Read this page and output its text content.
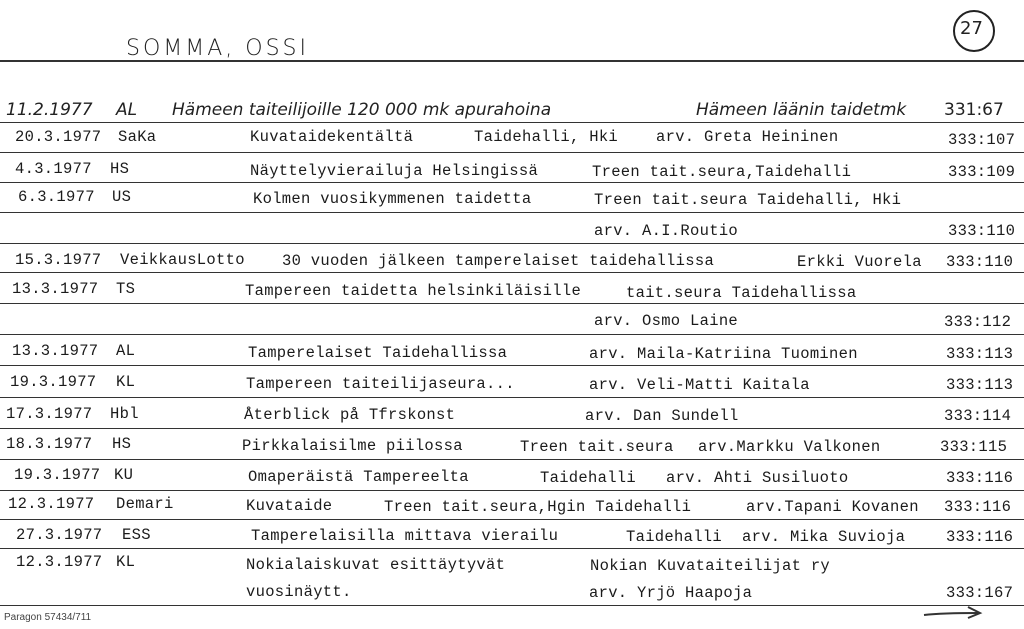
SOMMA, OSSI
27
11.2.1977 AL Hämeen taiteilijoille 120 000 mk apurahoina	Hämeen läänin taidetmk 331:67
20.3.1977 SaKa	Kuvataidekentältä	Taidehalli, Hki arv. Greta Heininen	333:107
4.3.1977 HS	Näyttelyvierailuja Helsingissä	Treen tait.seura,Taidehalli	333:109
6.3.1977 US	Kolmen vuosikymmenen taidetta	Treen tait.seura Taidehalli, Hki
arv. A.I.Routio	333:110
15.3.1977 VeikkausLotto 30 vuoden jälkeen tamperelaiset taidehallissa	Erkki Vuorela 333:110
13.3.1977 TS	Tampereen taidetta helsinkiläisille	tait.seura Taidehallissa
arv. Osmo Laine	333:112
13.3.1977 AL	Tamperelaiset Taidehallissa	arv. Maila-Katriina Tuominen	333:113
19.3.1977 KL	Tampereen taiteilijaseura...	arv. Veli-Matti Kaitala	333:113
17.3.1977 Hbl	Återblick på Tfrskonst	arv. Dan Sundell	333:114
18.3.1977 HS	Pirkkalaisilme piilossa	Treen tait.seura arv.Markku Valkonen	333:115
19.3.1977 KU	Omaperäistä Tampereelta	Taidehalli arv. Ahti Susiluoto	333:116
12.3.1977 Demari	Kuvataide	Treen tait.seura,Hgin Taidehalli	arv.Tapani Kovanen 333:116
27.3.1977 ESS	Tamperelaisilla mittava vierailu	Taidehalli arv. Mika Suvioja	333:116
12.3.1977 KL	Nokialaiskuvat esittäytyvät	Nokian Kuvataiteilijat ry
vuosinäytt.	arv. Yrjö Haapoja	333:167
Paragon 57434/711
